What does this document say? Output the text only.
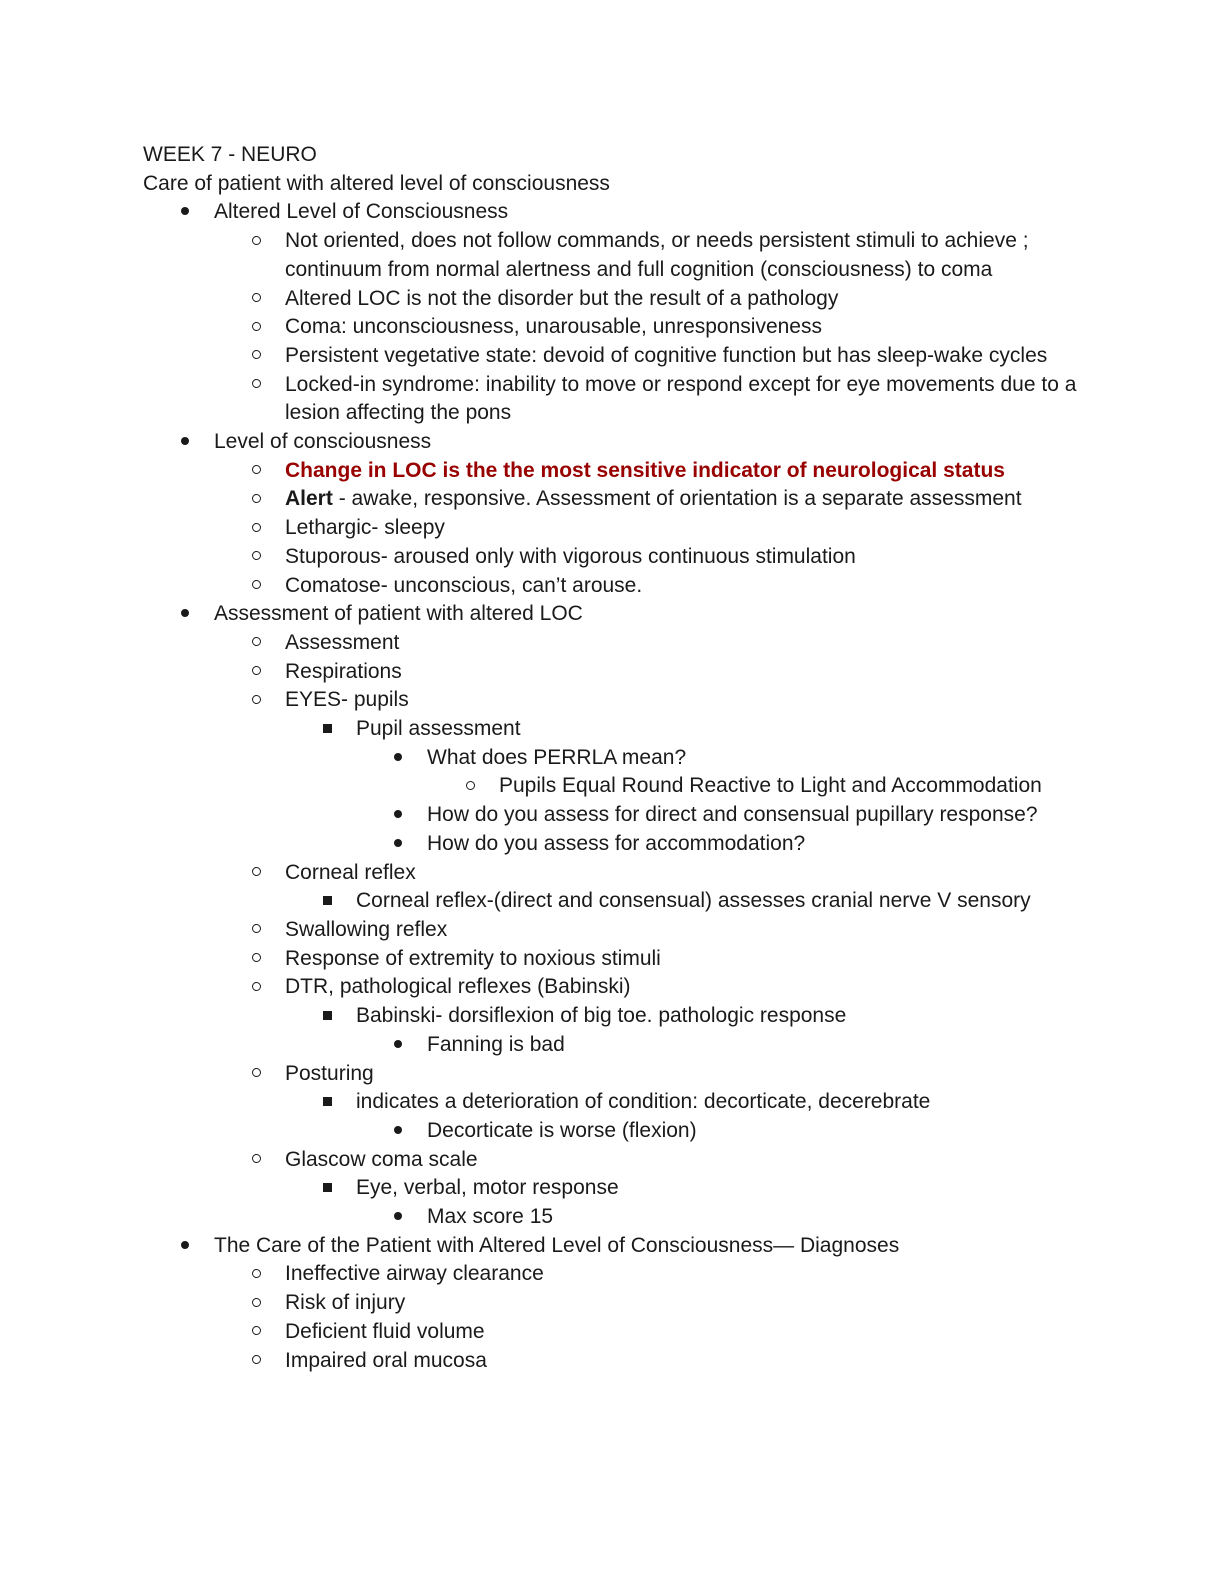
WEEK 7 - NEURO

Care of patient with altered level of consciousness

Altered Level of Consciousness
Not oriented, does not follow commands, or needs persistent stimuli to achieve ; continuum from normal alertness and full cognition (consciousness) to coma
Altered LOC is not the disorder but the result of a pathology
Coma: unconsciousness, unarousable, unresponsiveness
Persistent vegetative state: devoid of cognitive function but has sleep-wake cycles
Locked-in syndrome: inability to move or respond except for eye movements due to a lesion affecting the pons
Level of consciousness
Change in LOC is the the most sensitive indicator of neurological status
Alert - awake, responsive. Assessment of orientation is a separate assessment
Lethargic- sleepy
Stuporous- aroused only with vigorous continuous stimulation
Comatose- unconscious, can’t arouse.
Assessment of patient with altered LOC
Assessment
Respirations
EYES- pupils
Pupil assessment
What does PERRLA mean?
Pupils Equal Round Reactive to Light and Accommodation
How do you assess for direct and consensual pupillary response?
How do you assess for accommodation?
Corneal reflex
Corneal reflex-(direct and consensual) assesses cranial nerve V sensory
Swallowing reflex
Response of extremity to noxious stimuli
DTR, pathological reflexes (Babinski)
Babinski- dorsiflexion of big toe. pathologic response
Fanning is bad
Posturing
indicates a deterioration of condition: decorticate, decerebrate
Decorticate is worse (flexion)
Glascow coma scale
Eye, verbal, motor response
Max score 15
The Care of the Patient with Altered Level of Consciousness— Diagnoses
Ineffective airway clearance
Risk of injury
Deficient fluid volume
Impaired oral mucosa
